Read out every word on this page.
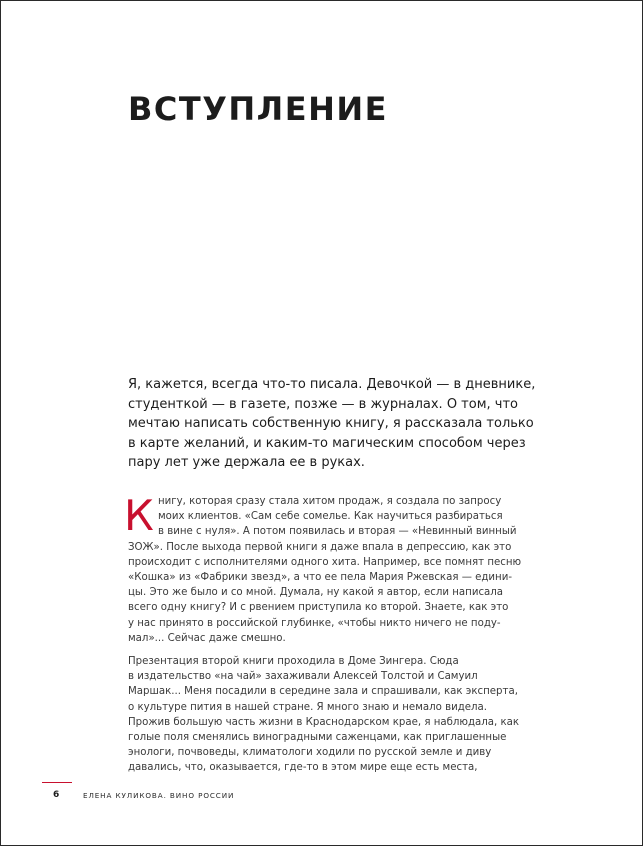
ВСТУПЛЕНИЕ

Я, кажется, всегда что-то писала. Девочкой — в дневнике,
студенткой — в газете, позже — в журналах. О том, что
мечтаю написать собственную книгу, я рассказала только
в карте желаний, и каким-то магическим способом через
пару лет уже держала ее в руках.

К нигу, которая сразу стала хитом продаж, я создала по запросу
моих клиентов. «Сам себе сомелье. Как научиться разбираться
в вине с нуля». А потом появилась и вторая — «Невинный винный
ЗОЖ». После выхода первой книги я даже впала в депрессию, как это
происходит с исполнителями одного хита. Например, все помнят песню
«Кошка» из «Фабрики звезд», а что ее пела Мария Ржевская — едини-
цы. Это же было и со мной. Думала, ну какой я автор, если написала
всего одну книгу? И с рвением приступила ко второй. Знаете, как это
у нас принято в российской глубинке, «чтобы никто ничего не поду-
мал»... Сейчас даже смешно.

Презентация второй книги проходила в Доме Зингера. Сюда
в издательство «на чай» захаживали Алексей Толстой и Самуил
Маршак... Меня посадили в середине зала и спрашивали, как эксперта,
о культуре пития в нашей стране. Я много знаю и немало видела.
Прожив большую часть жизни в Краснодарском крае, я наблюдала, как
голые поля сменялись виноградными саженцами, как приглашенные
энологи, почвоведы, климатологи ходили по русской земле и диву
давались, что, оказывается, где-то в этом мире еще есть места,

6	ЕЛЕНА КУЛИКОВА. ВИНО РОССИИ
